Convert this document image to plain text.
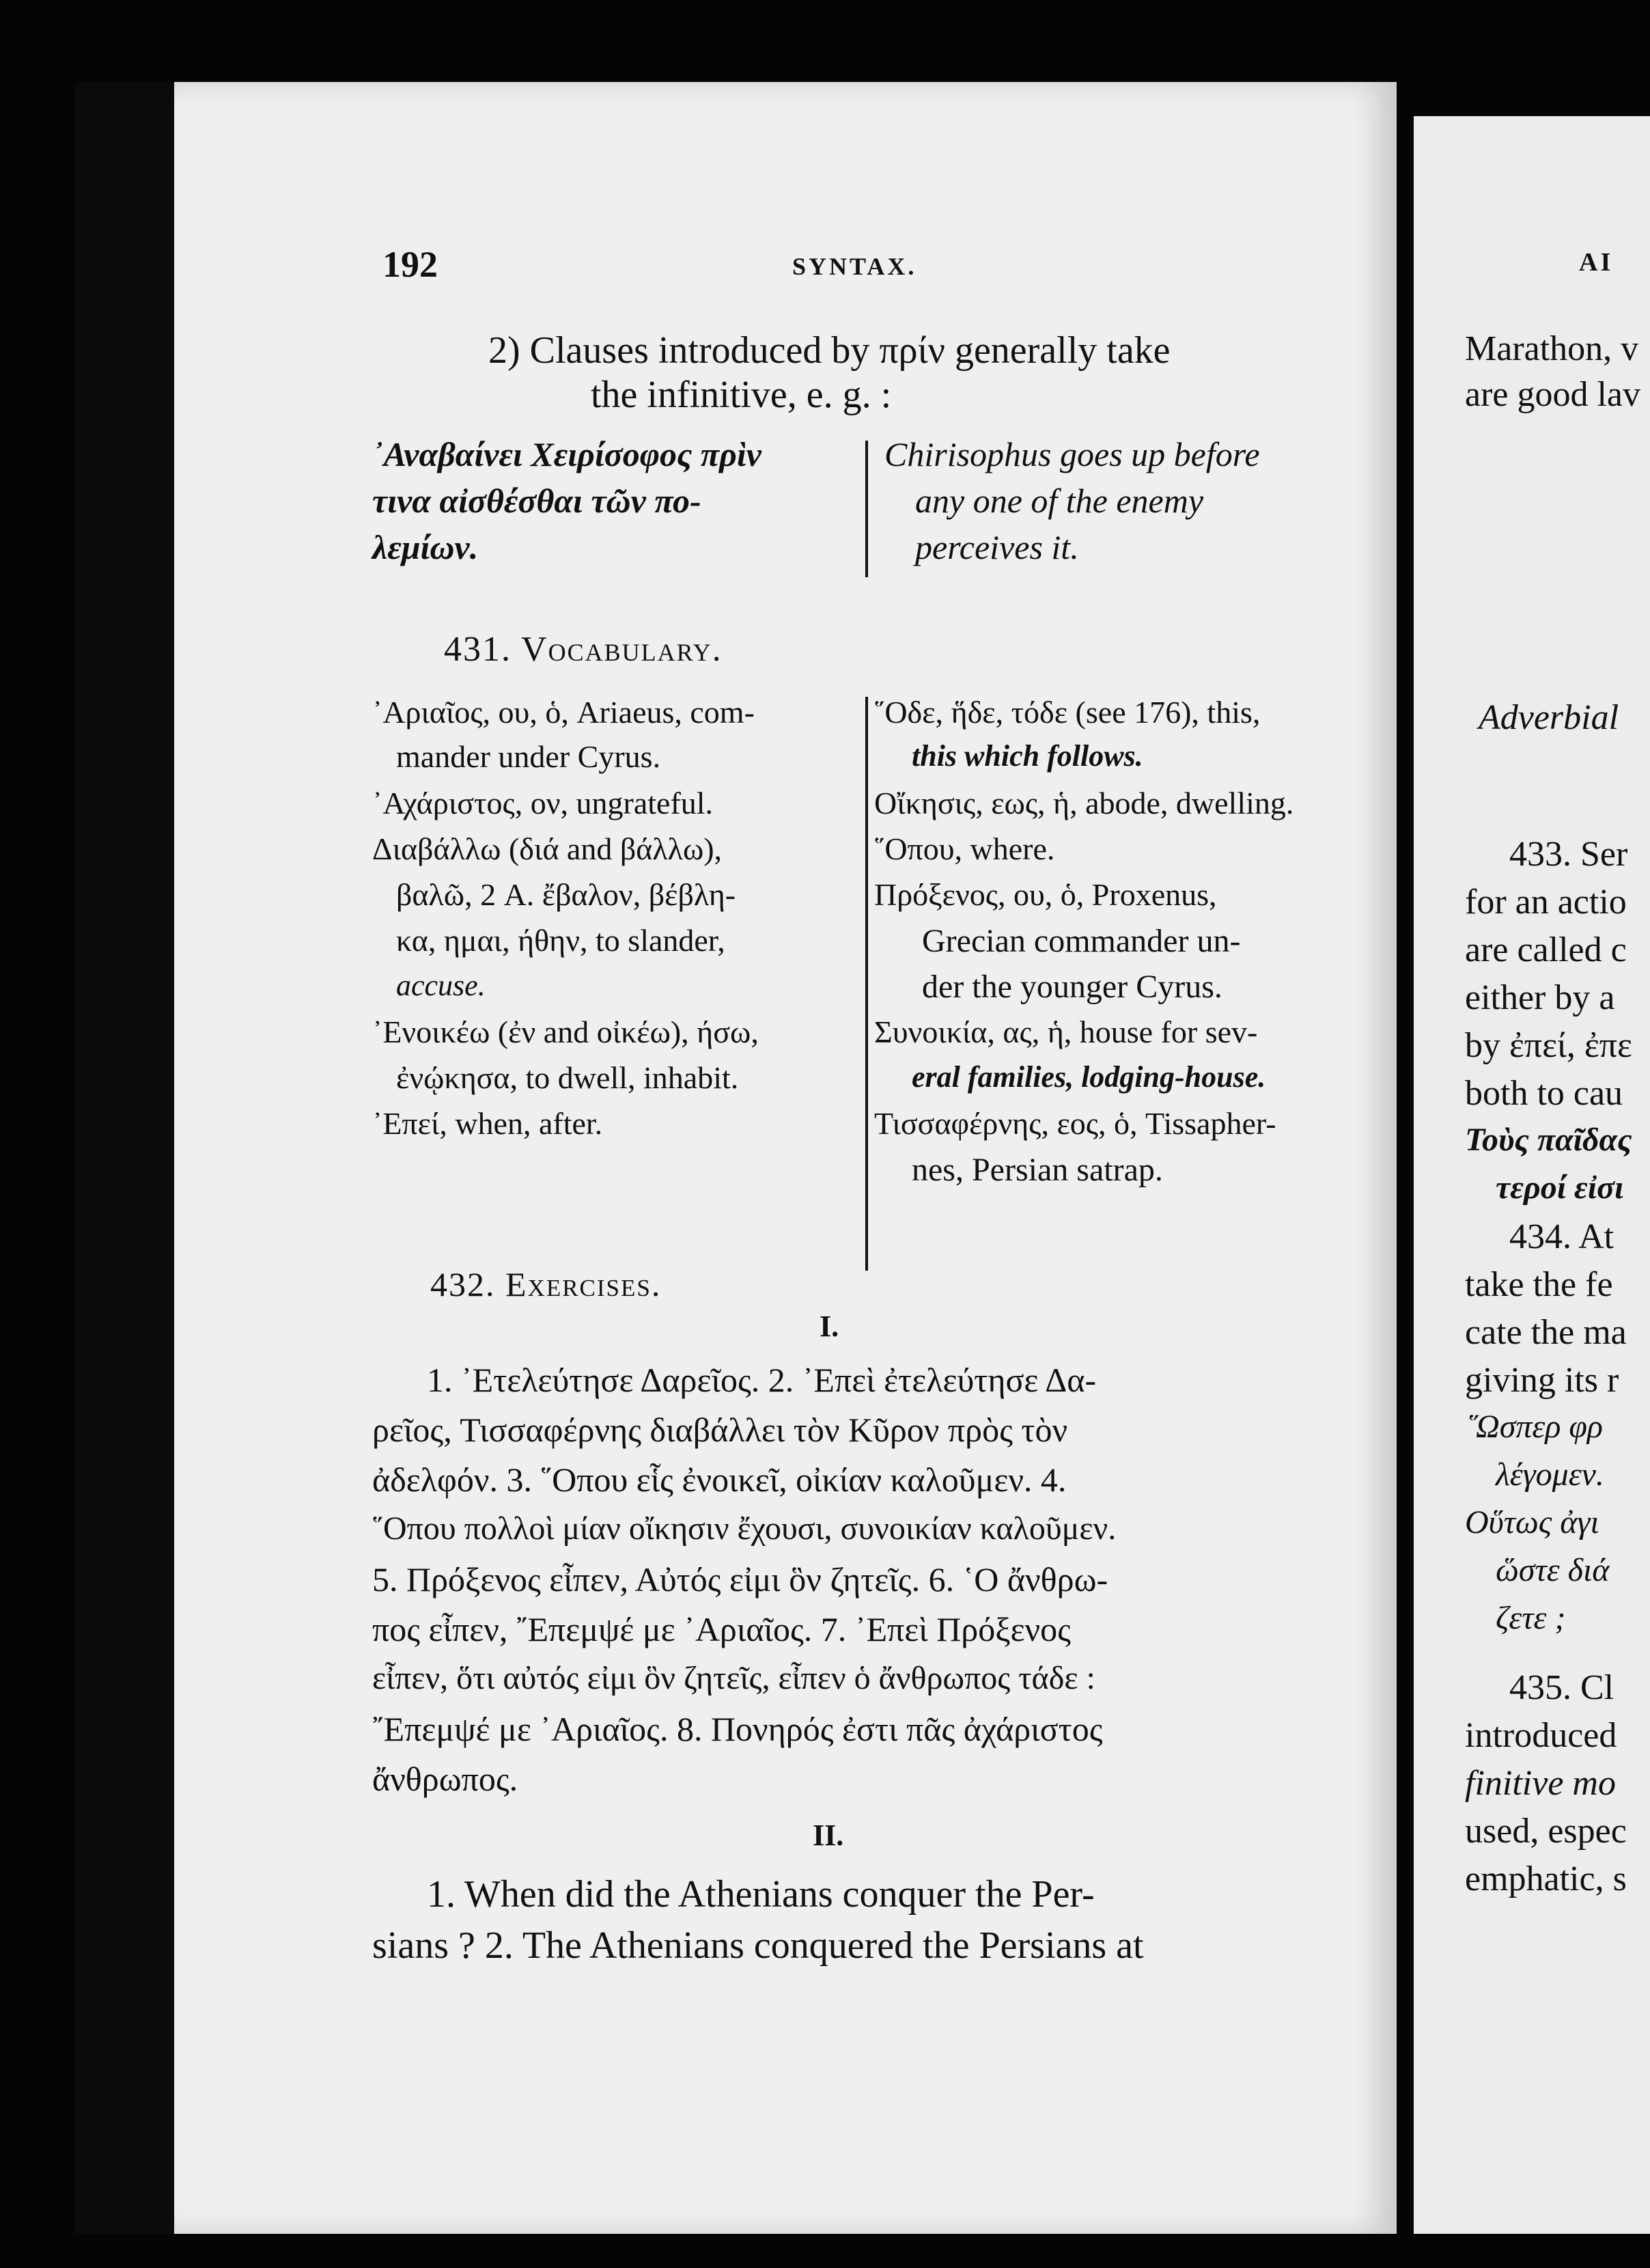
192	SYNTAX.
2) Clauses introduced by πρίν generally take
the infinitive, e. g. :
᾿Αναβαίνει Χειρίσοφος πρὶν
τινα αἰσθέσθαι τῶν πο-
λεμίων.
Chirisophus goes up before
any one of the enemy
perceives it.
431. Vocabulary.
᾿Αριαῖος, ου, ὁ, Ariaeus, com-
mander under Cyrus.
᾿Αχάριστος, ον, ungrateful.
Διαβάλλω (διά and βάλλω),
βαλῶ, 2 A. ἔβαλον, βέβλη-
κα, ημαι, ήθην, to slander,
accuse.
᾿Ενοικέω (ἐν and οἰκέω), ήσω,
ἐνῴκησα, to dwell, inhabit.
᾿Επεί, when, after.
῞Οδε, ἥδε, τόδε (see 176), this,
this which follows.
Οἴκησις, εως, ἡ, abode, dwelling.
῞Οπου, where.
Πρόξενος, ου, ὁ, Proxenus,
Grecian commander un-
der the younger Cyrus.
Συνοικία, ας, ἡ, house for sev-
eral families, lodging-house.
Τισσαφέρνης, εος, ὁ, Tissapher-
nes, Persian satrap.
432. Exercises.
I.
1. ᾿Ετελεύτησε Δαρεῖος. 2. ᾿Επεὶ ἐτελεύτησε Δα-
ρεῖος, Τισσαφέρνης διαβάλλει τὸν Κῦρον πρὸς τὸν
ἀδελφόν. 3. ῞Οπου εἷς ἐνοικεῖ, οἰκίαν καλοῦμεν. 4.
῞Οπου πολλοὶ μίαν οἴκησιν ἔχουσι, συνοικίαν καλοῦμεν.
5. Πρόξενος εἶπεν, Αὐτός εἰμι ὃν ζητεῖς. 6. ῾Ο ἄνθρω-
πος εἶπεν, ῎Επεμψέ με ᾿Αριαῖος. 7. ᾿Επεὶ Πρόξενος
εἶπεν, ὅτι αὐτός εἰμι ὃν ζητεῖς, εἶπεν ὁ ἄνθρωπος τάδε :
῎Επεμψέ με ᾿Αριαῖος. 8. Πονηρός ἐστι πᾶς ἀχάριστος
ἄνθρωπος.
II.
1. When did the Athenians conquer the Per-
sians ? 2. The Athenians conquered the Persians at
AI
Marathon, v
are good lav
Adverbial
433. Ser
for an actio
are called c
either by a
by ἐπεί, ἐπε
both to cau
Τοὺς παῖδας
τεροί εἰσι
434. At
take the fe
cate the ma
giving its r
῞Ωσπερ φρ
λέγομεν.
Οὕτως ἀγι
ὥστε διά
ζετε ;
435. Cl
introduced
finitive mo
used, espec
emphatic, s
